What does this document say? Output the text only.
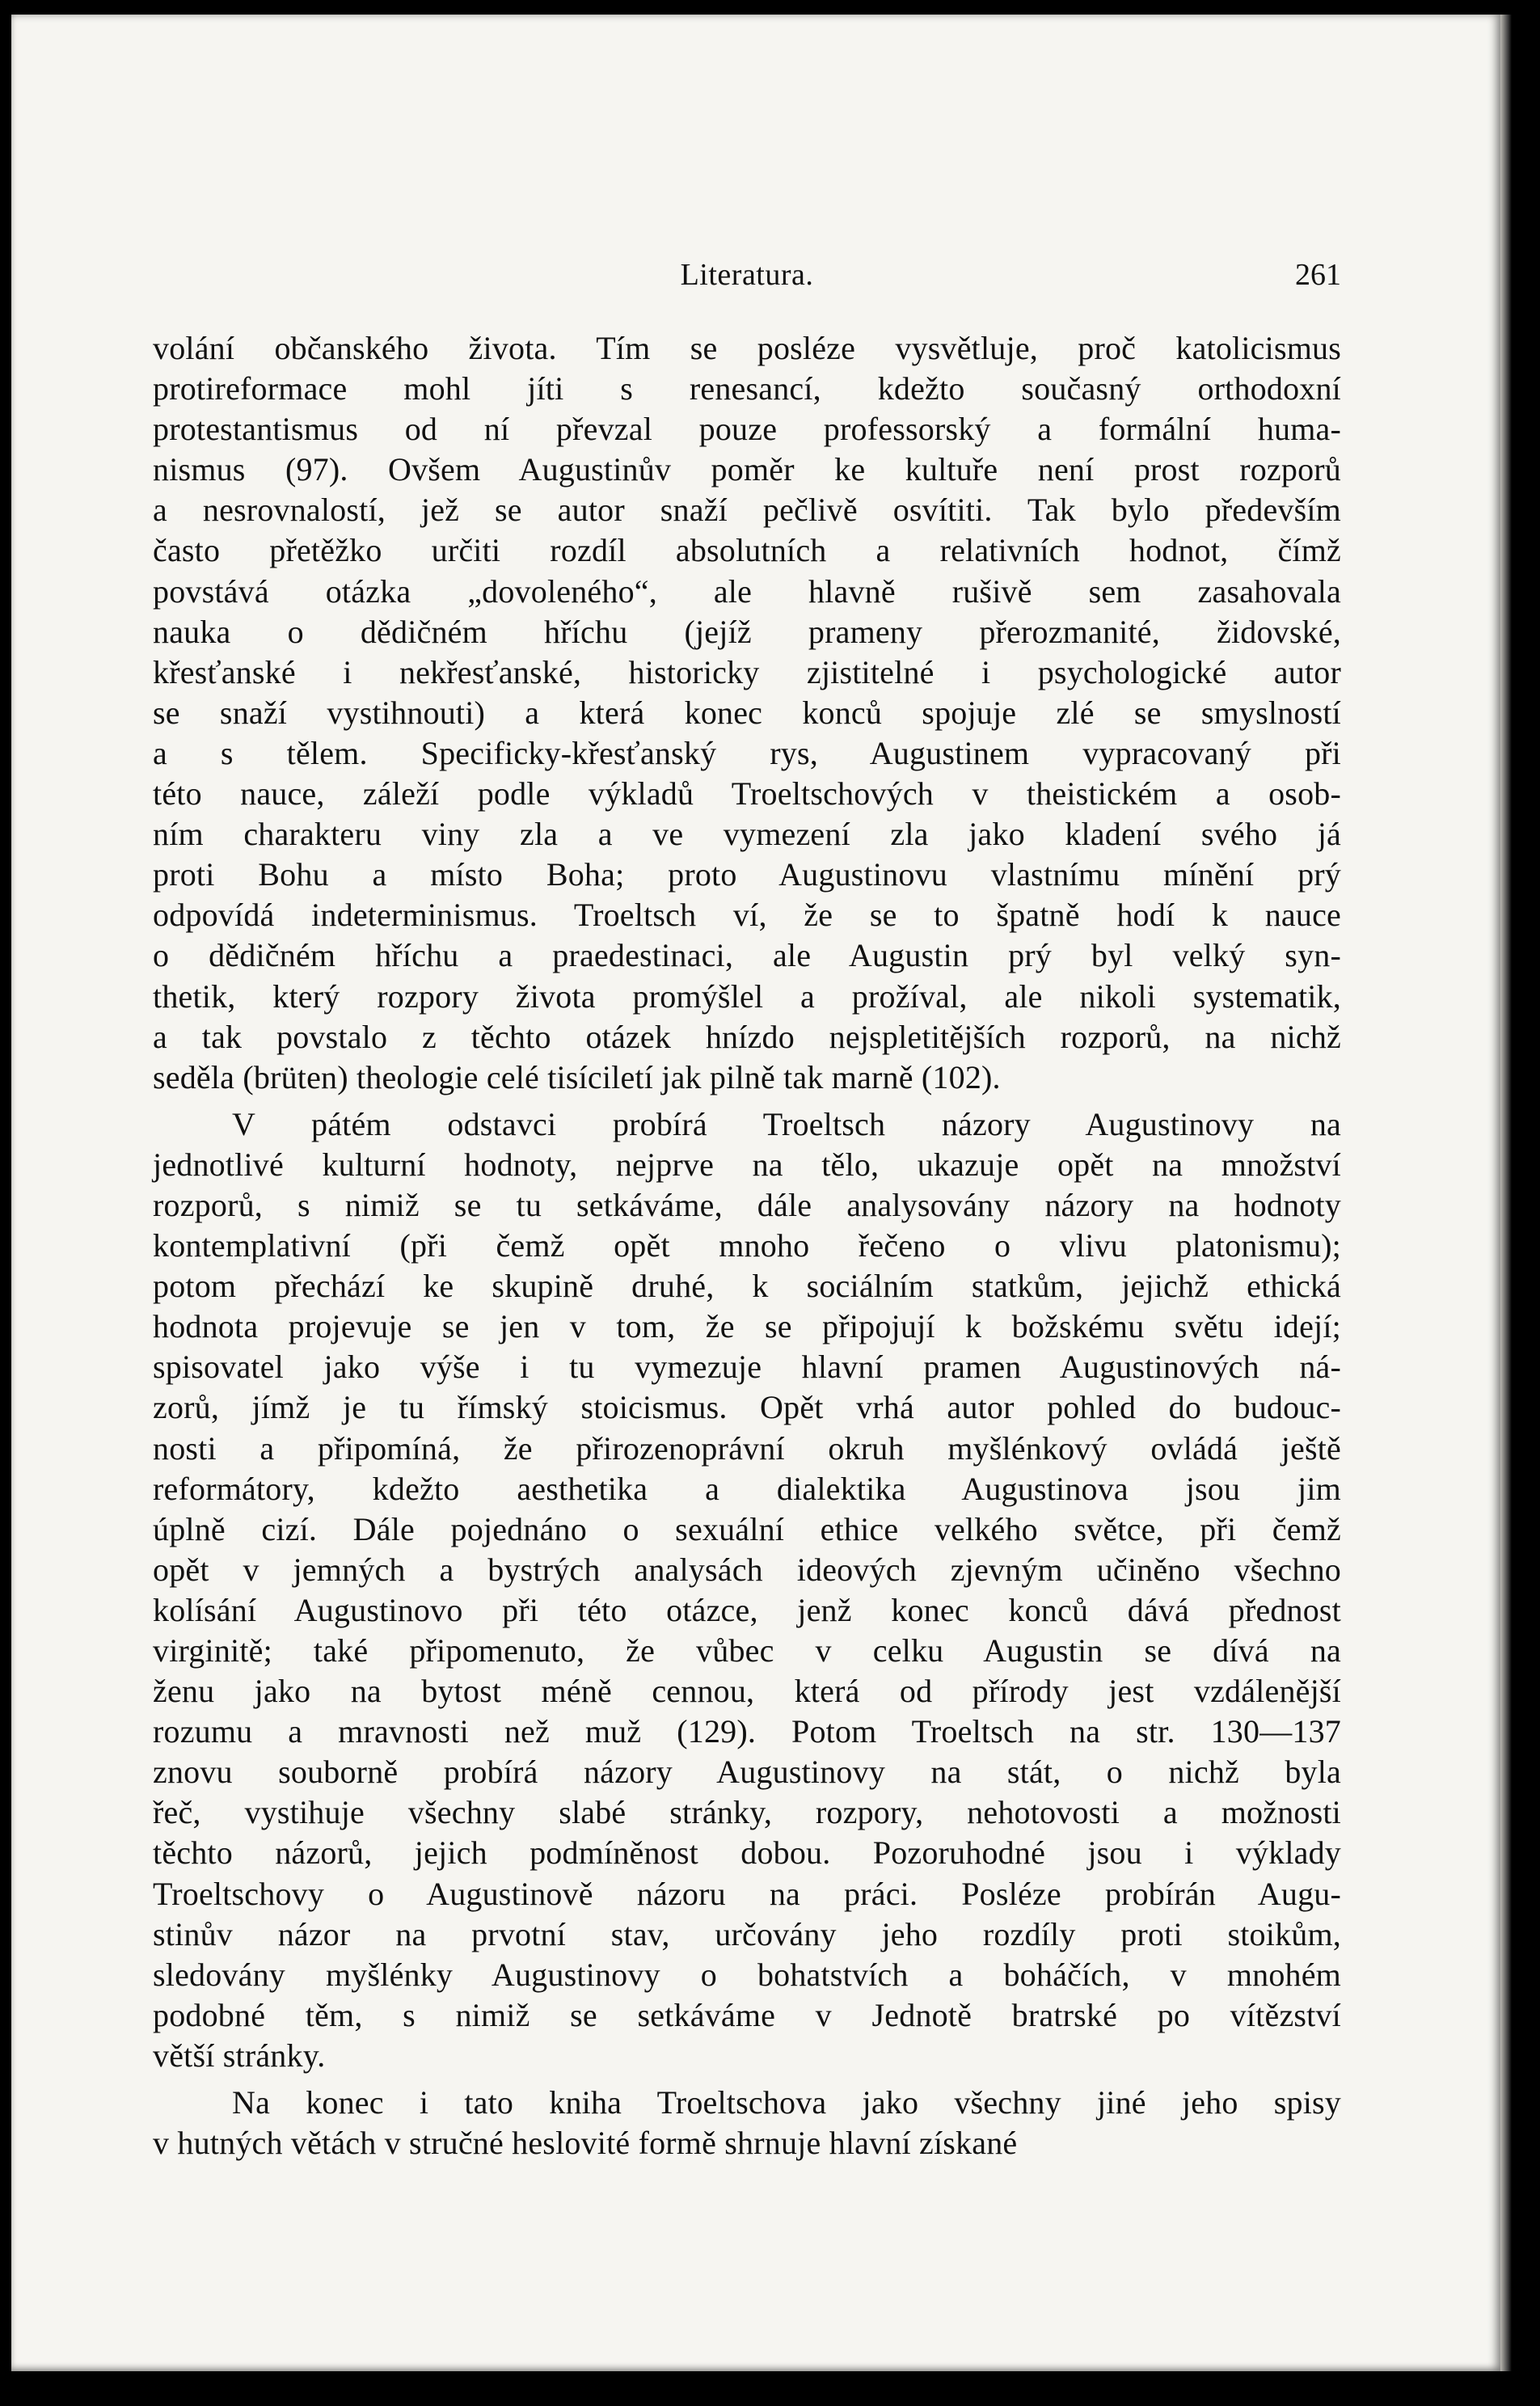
Literatura.	261
volání občanského života. Tím se posléze vysvětluje, proč katolicismus
protireformace mohl jíti s renesancí, kdežto současný orthodoxní
protestantismus od ní převzal pouze professorský a formální huma-
nismus (97). Ovšem Augustinův poměr ke kultuře není prost rozporů
a nesrovnalostí, jež se autor snaží pečlivě osvítiti. Tak bylo především
často přetěžko určiti rozdíl absolutních a relativních hodnot, čímž
povstává otázka „dovoleného“, ale hlavně rušivě sem zasahovala
nauka o dědičném hříchu (jejíž prameny přerozmanité, židovské,
křesťanské i nekřesťanské, historicky zjistitelné i psychologické autor
se snaží vystihnouti) a která konec konců spojuje zlé se smyslností
a s tělem. Specificky-křesťanský rys, Augustinem vypracovaný při
této nauce, záleží podle výkladů Troeltschových v theistickém a osob-
ním charakteru viny zla a ve vymezení zla jako kladení svého já
proti Bohu a místo Boha; proto Augustinovu vlastnímu mínění prý
odpovídá indeterminismus. Troeltsch ví, že se to špatně hodí k nauce
o dědičném hříchu a praedestinaci, ale Augustin prý byl velký syn-
thetik, který rozpory života promýšlel a prožíval, ale nikoli systematik,
a tak povstalo z těchto otázek hnízdo nejspletitějších rozporů, na nichž
seděla (brüten) theologie celé tisíciletí jak pilně tak marně (102).
V pátém odstavci probírá Troeltsch názory Augustinovy na
jednotlivé kulturní hodnoty, nejprve na tělo, ukazuje opět na množství
rozporů, s nimiž se tu setkáváme, dále analysovány názory na hodnoty
kontemplativní (při čemž opět mnoho řečeno o vlivu platonismu);
potom přechází ke skupině druhé, k sociálním statkům, jejichž ethická
hodnota projevuje se jen v tom, že se připojují k božskému světu idejí;
spisovatel jako výše i tu vymezuje hlavní pramen Augustinových ná-
zorů, jímž je tu římský stoicismus. Opět vrhá autor pohled do budouc-
nosti a připomíná, že přirozenoprávní okruh myšlénkový ovládá ještě
reformátory, kdežto aesthetika a dialektika Augustinova jsou jim
úplně cizí. Dále pojednáno o sexuální ethice velkého světce, při čemž
opět v jemných a bystrých analysách ideových zjevným učiněno všechno
kolísání Augustinovo při této otázce, jenž konec konců dává přednost
virginitě; také připomenuto, že vůbec v celku Augustin se dívá na
ženu jako na bytost méně cennou, která od přírody jest vzdálenější
rozumu a mravnosti než muž (129). Potom Troeltsch na str. 130—137
znovu souborně probírá názory Augustinovy na stát, o nichž byla
řeč, vystihuje všechny slabé stránky, rozpory, nehotovosti a možnosti
těchto názorů, jejich podmíněnost dobou. Pozoruhodné jsou i výklady
Troeltschovy o Augustinově názoru na práci. Posléze probírán Augu-
stinův názor na prvotní stav, určovány jeho rozdíly proti stoikům,
sledovány myšlénky Augustinovy o bohatstvích a boháčích, v mnohém
podobné těm, s nimiž se setkáváme v Jednotě bratrské po vítězství
větší stránky.
Na konec i tato kniha Troeltschova jako všechny jiné jeho spisy
v hutných větách v stručné heslovité formě shrnuje hlavní získané
